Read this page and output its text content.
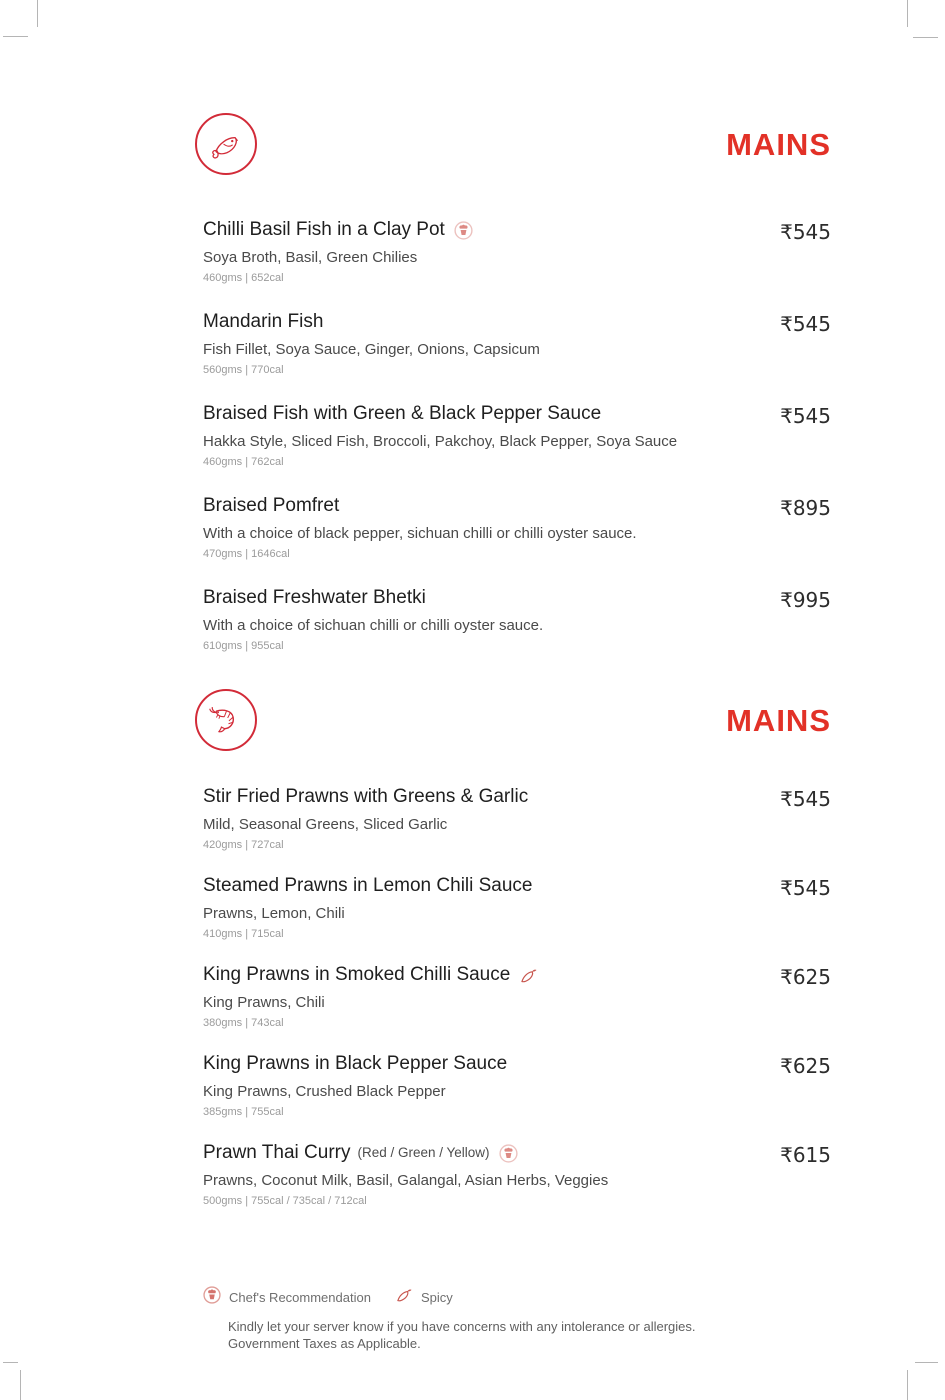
MAINS
Chilli Basil Fish in a Clay Pot
Soya Broth, Basil, Green Chilies
460gms | 652cal
₹545
Mandarin Fish
Fish Fillet, Soya Sauce, Ginger, Onions, Capsicum
560gms | 770cal
₹545
Braised Fish with Green & Black Pepper Sauce
Hakka Style, Sliced Fish, Broccoli, Pakchoy, Black Pepper, Soya Sauce
460gms | 762cal
₹545
Braised Pomfret
With a choice of black pepper, sichuan chilli or chilli oyster sauce.
470gms | 1646cal
₹895
Braised Freshwater Bhetki
With a choice of sichuan chilli or chilli oyster sauce.
610gms | 955cal
₹995
MAINS
Stir Fried Prawns with Greens & Garlic
Mild, Seasonal Greens, Sliced Garlic
420gms | 727cal
₹545
Steamed Prawns in Lemon Chili Sauce
Prawns, Lemon, Chili
410gms | 715cal
₹545
King Prawns in Smoked Chilli Sauce
King Prawns, Chili
380gms | 743cal
₹625
King Prawns in Black Pepper Sauce
King Prawns, Crushed Black Pepper
385gms | 755cal
₹625
Prawn Thai Curry (Red / Green / Yellow)
Prawns, Coconut Milk, Basil, Galangal, Asian Herbs, Veggies
500gms | 755cal / 735cal / 712cal
₹615
Chef's Recommendation	Spicy
Kindly let your server know if you have concerns with any intolerance or allergies.
Government Taxes as Applicable.
